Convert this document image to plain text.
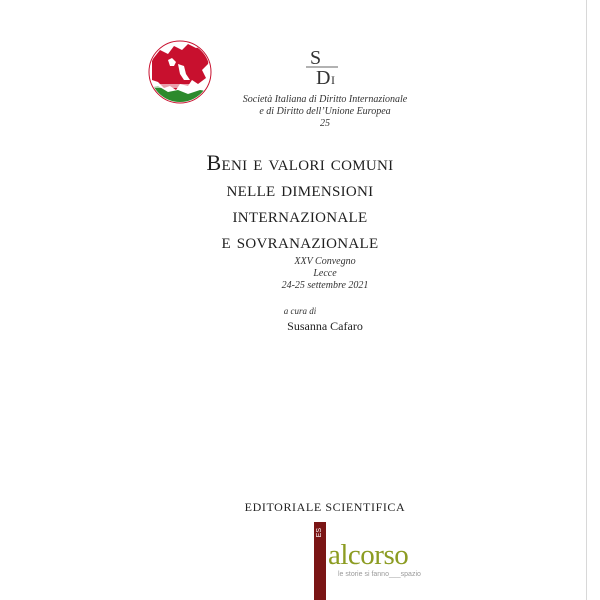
S
D I
Società Italiana di Diritto Internazionale
e di Diritto dell’Unione Europea
25
Beni e valori comuni
nelle dimensioni
internazionale
e sovranazionale
XXV Convegno
Lecce
24-25 settembre 2021
a cura di
Susanna Cafaro
EDITORIALE SCIENTIFICA
ES
alcorso
le storie si fanno___spazio
